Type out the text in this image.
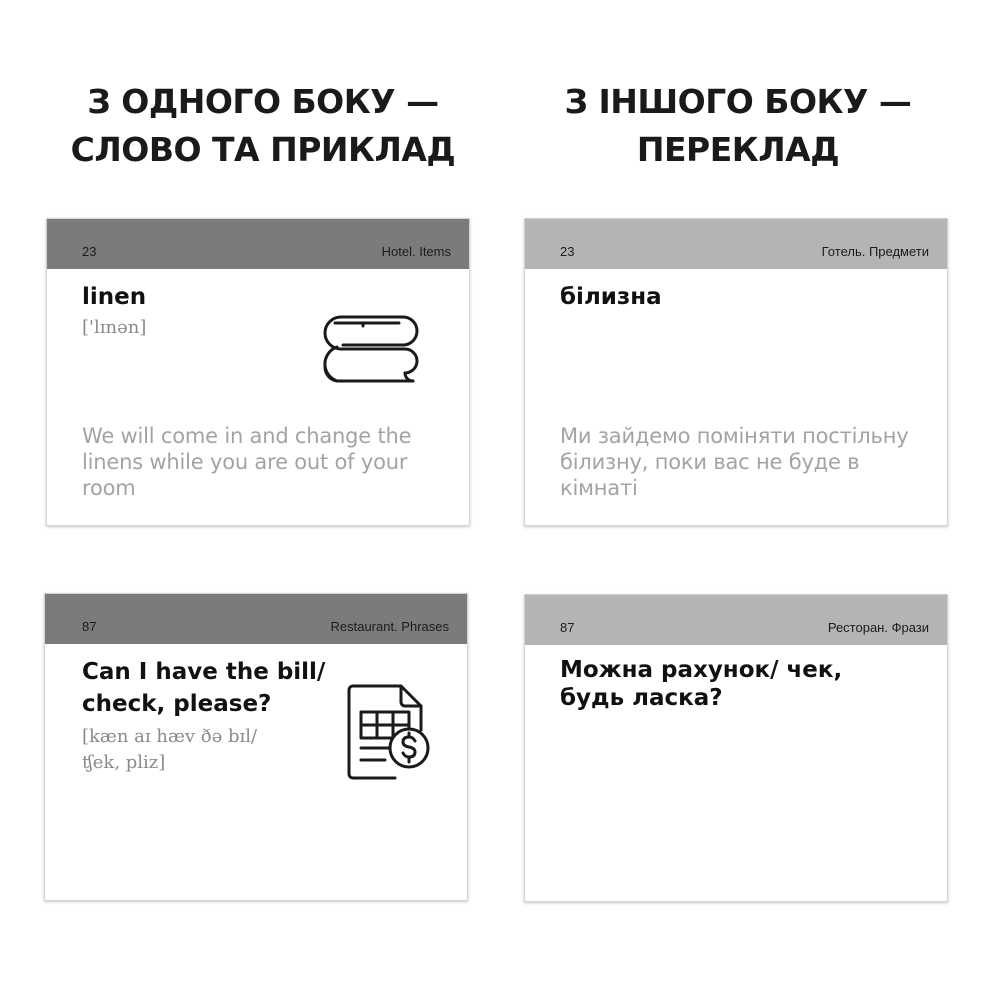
З ОДНОГО БОКУ —
СЛОВО ТА ПРИКЛАД
З ІНШОГО БОКУ —
ПЕРЕКЛАД
23	Hotel. Items
linen
['lɪnən]
We will come in and change the linens while you are out of your room
23	Готель. Предмети
білизна
Ми зайдемо поміняти постільну білизну, поки вас не буде в кімнаті
87	Restaurant. Phrases
Can I have the bill/
check, please?
[kæn aɪ hæv ðə bɪl/
ʧek, pliz]
87	Ресторан. Фрази
Можна рахунок/ чек,
будь ласка?
